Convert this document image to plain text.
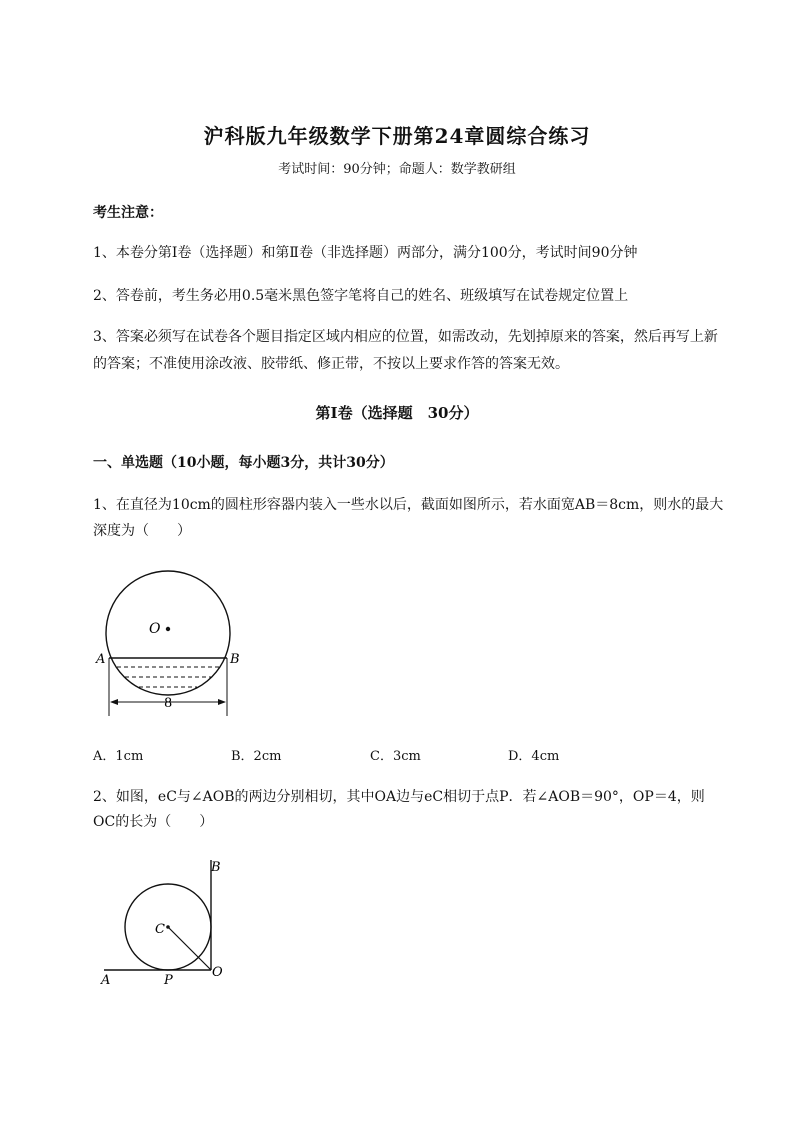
沪科版九年级数学下册第24章圆综合练习
考试时间：90分钟；命题人：数学教研组
考生注意：
1、本卷分第I卷（选择题）和第Ⅱ卷（非选择题）两部分，满分100分，考试时间90分钟
2、答卷前，考生务必用0.5毫米黑色签字笔将自己的姓名、班级填写在试卷规定位置上
3、答案必须写在试卷各个题目指定区域内相应的位置，如需改动，先划掉原来的答案，然后再写上新
的答案；不准使用涂改液、胶带纸、修正带，不按以上要求作答的答案无效。
第I卷（选择题　30分）
一、单选题（10小题，每小题3分，共计30分）
1、在直径为10cm的圆柱形容器内装入一些水以后，截面如图所示，若水面宽AB＝8cm，则水的最大
深度为（　　）
O
A	B
8
A．1cm	B．2cm	C．3cm	D．4cm
2、如图，eC与∠AOB的两边分别相切，其中OA边与eC相切于点P．若∠AOB＝90°，OP＝4，则
OC的长为（　　）
B
C
A	P
O
